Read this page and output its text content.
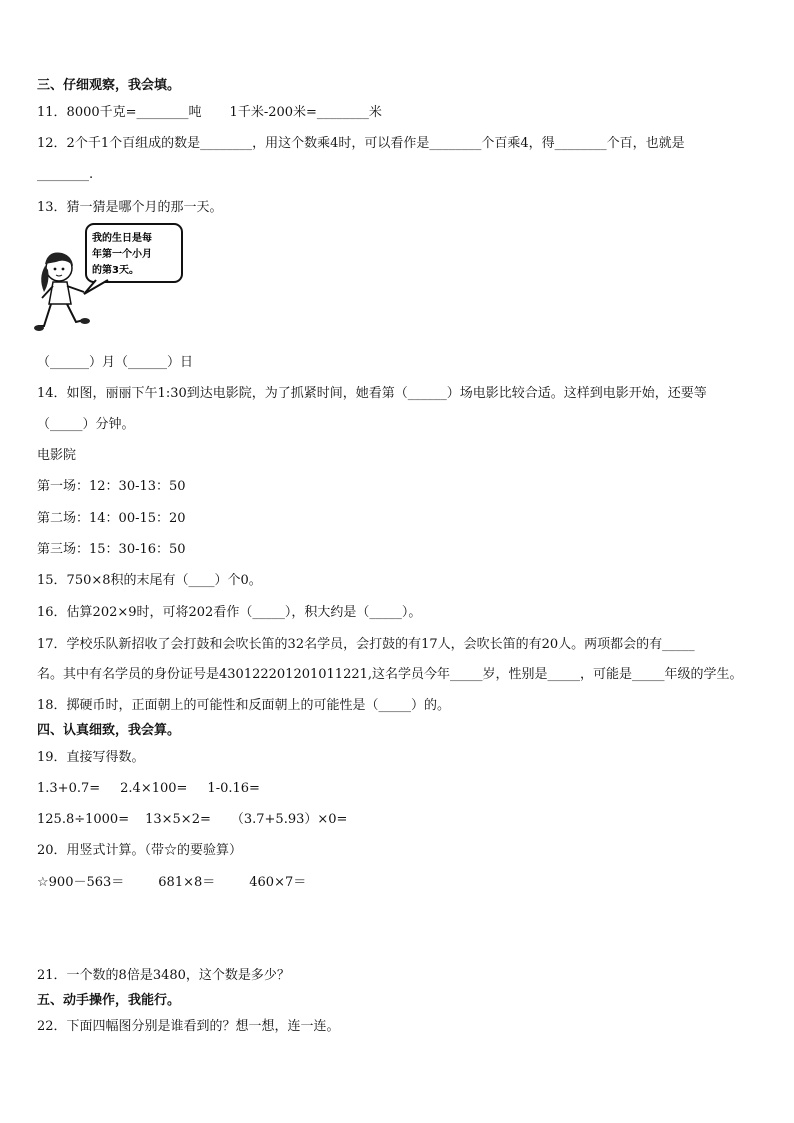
三、仔细观察，我会填。
11．8000千克=________吨 1千米-200米=________米
12．2个千1个百组成的数是________，用这个数乘4时，可以看作是________个百乘4，得________个百，也就是
________.
13．猜一猜是哪个月的那一天。
我的生日是每
年第一个小月
的第3天。
（______）月（______）日
14．如图，丽丽下午1:30到达电影院，为了抓紧时间，她看第（______）场电影比较合适。这样到电影开始，还要等
（_____）分钟。
电影院
第一场：12：30-13：50
第二场：14：00-15：20
第三场：15：30-16：50
15．750×8积的末尾有（____）个0。
16．估算202×9时，可将202看作（_____），积大约是（_____）。
17．学校乐队新招收了会打鼓和会吹长笛的32名学员，会打鼓的有17人，会吹长笛的有20人。两项都会的有_____
名。其中有名学员的身份证号是430122201201011221,这名学员今年_____岁，性别是_____，可能是_____年级的学生。
18．掷硬币时，正面朝上的可能性和反面朝上的可能性是（_____）的。
四、认真细致，我会算。
19．直接写得数。
1.3+0.7= 2.4×100= 1-0.16=
125.8÷1000= 13×5×2= （3.7+5.93）×0=
20．用竖式计算。（带☆的要验算）
☆900－563＝	681×8＝	460×7＝
21．一个数的8倍是3480，这个数是多少？
五、动手操作，我能行。
22．下面四幅图分别是谁看到的？想一想，连一连。
